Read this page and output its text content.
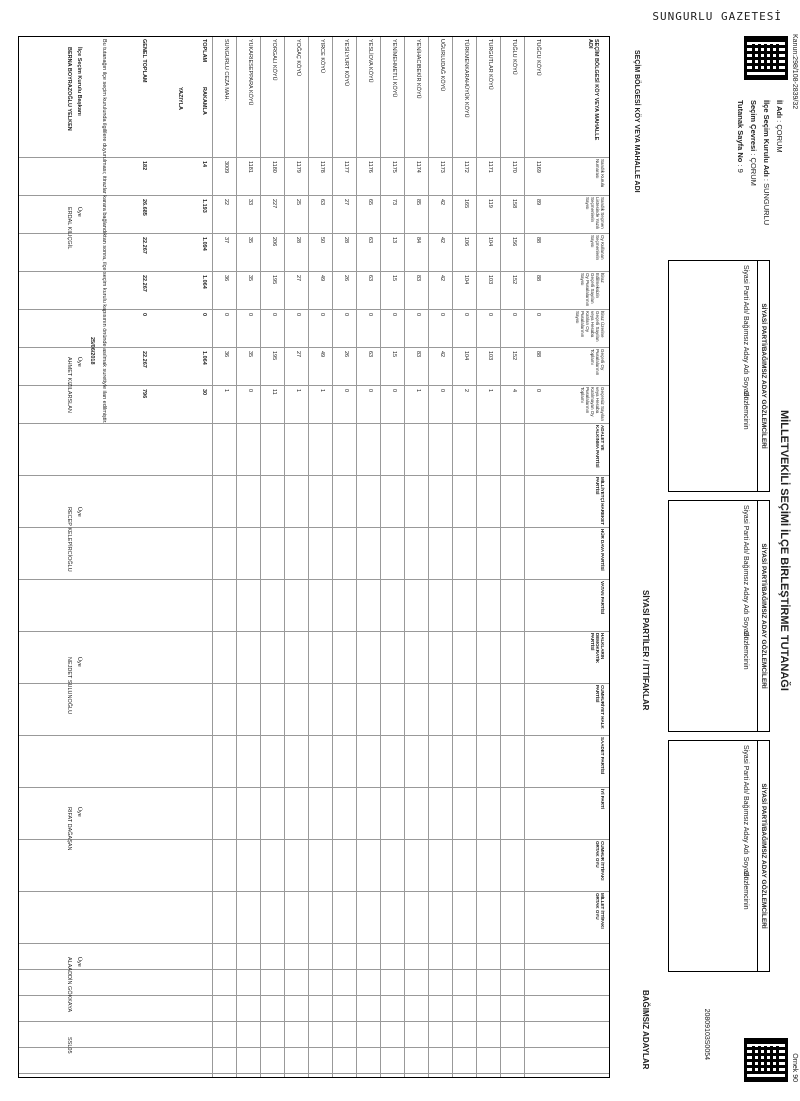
SUNGURLU GAZETESİ
Kanun:298/108-2839/32
Örnek 90
20809103S0054
İl Adı : ÇORUM
İlçe Seçim Kurulu Adı : SUNGURLU
Seçim Çevresi : ÇORUM
Tutanak Sayfa No : 9
MİLLETVEKİLİ SEÇİMİ İLÇE BİRLEŞTİRME TUTANAĞI
SİYASİ PARTİ/BAĞIMSIZ ADAY GÖZLEMCİLERİ
Siyasi Parti Adı/ Bağımsız Aday Adı Soyadı
Gözlemcinin
SİYASİ PARTİ/BAĞIMSIZ ADAY GÖZLEMCİLERİ
Siyasi Parti Adı/ Bağımsız Aday Adı Soyadı
Gözlemcinin
SİYASİ PARTİ/BAĞIMSIZ ADAY GÖZLEMCİLERİ
Siyasi Parti Adı/ Bağımsız Aday Adı Soyadı
Gözlemcinin
SİYASİ PARTİLER / İTTİFAKLAR
BAĞIMSIZ ADAYLAR
SEÇİM BÖLGESİ KÖY VEYA MAHALLE ADI
Sandık Kurulu Numarası
Sandık Seçmen Listesinde Yazılı Seçmenlerin Sayısı
Oy Kullanan Seçmenlerin Sayısı
İtiraz Edilmeksizin Geçerli Sayılan Oy Pusulalarının Sayısı
İtiraz Üzerine Geçerli Sayılan veya Hesaba Katılan Oy Pusulalarının Sayısı
Geçerli Oy Pusulalarının Toplamı
Geçersiz Sayılan veya Hesaba Katılmayan Oy Pusulalarının Toplamı
ADALET VE KALKINMA PARTİSİ
MİLLİYETÇİ HAREKET PARTİSİ
HÜR DAVA PARTİSİ
VATAN PARTİSİ
HALKLARIN DEMOKRATİK PARTİSİ
CUMHURİYET HALK PARTİSİ
SAADET PARTİSİ
İYİ PARTİ
CUMHUR İTTİFAKI ORTAK OYU
MİLLET İTTİFAKI ORTAK OYU
TUĞCU KÖYÜ
1169
89
88
88
0
88
0
TUĞLU KÖYÜ
1170
158
156
152
0
152
4
TURGUTLAR KÖYÜ
1171
119
104
103
0
103
1
TÜRKMENKARAHÜYÜK KÖYÜ
1172
165
106
104
0
104
2
UĞURLUDAĞ KÖYÜ
1173
42
42
42
0
42
0
YENİHACIBEKİR KÖYÜ
1174
85
84
83
0
83
1
YENİMEHMETLİ KÖYÜ
1175
73
13
15
0
15
0
YESLİOVA KÖYÜ
1176
65
63
63
0
63
0
YESİLYURT KÖYÜ
1177
27
28
26
0
26
0
YIRCE KÖYÜ
1178
63
50
49
0
49
1
YOĞAÇ KÖYÜ
1179
25
28
27
0
27
1
YORGALI KÖYÜ
1180
227
206
195
0
195
11
YUKARIESEPPARA KÖYÜ
1181
33
35
35
0
35
0
SUNGURLU CEZA MAH.
3009
22
37
36
0
36
1
TOPLAM
RAKAMLA
14
1.193
1.094
1.064
0
1.064
30
YAZIYLA
GENEL TOPLAM
182
26.685
22.267
22.267
0
22.267
796
Bu tutanağın ilçe seçim kurulunda ilgililere duyurulması; itirazlar karara bağlandıktan sonra, ilçe seçim kurulu kapısının önünde asılmak suretiyle ilan edilmiştir.
İlçe Seçim Kurulu Başkanı
BERNA BOYRAZOĞLU YELKEN
25/06/2018
Üye
ERDAL KILIÇGİL
Üye
AHMET KIZILARSLAN
Üye
RECEP KELEPİRCİOĞLU
Üye
NEJDET SULUNOĞLU
Üye
RIFAT DAĞAŞAN
Üye
ALAADDİN GÖKKAYA
SSL05
SEÇİM BÖLGESİ KÖY VEYA MAHALLE ADI
